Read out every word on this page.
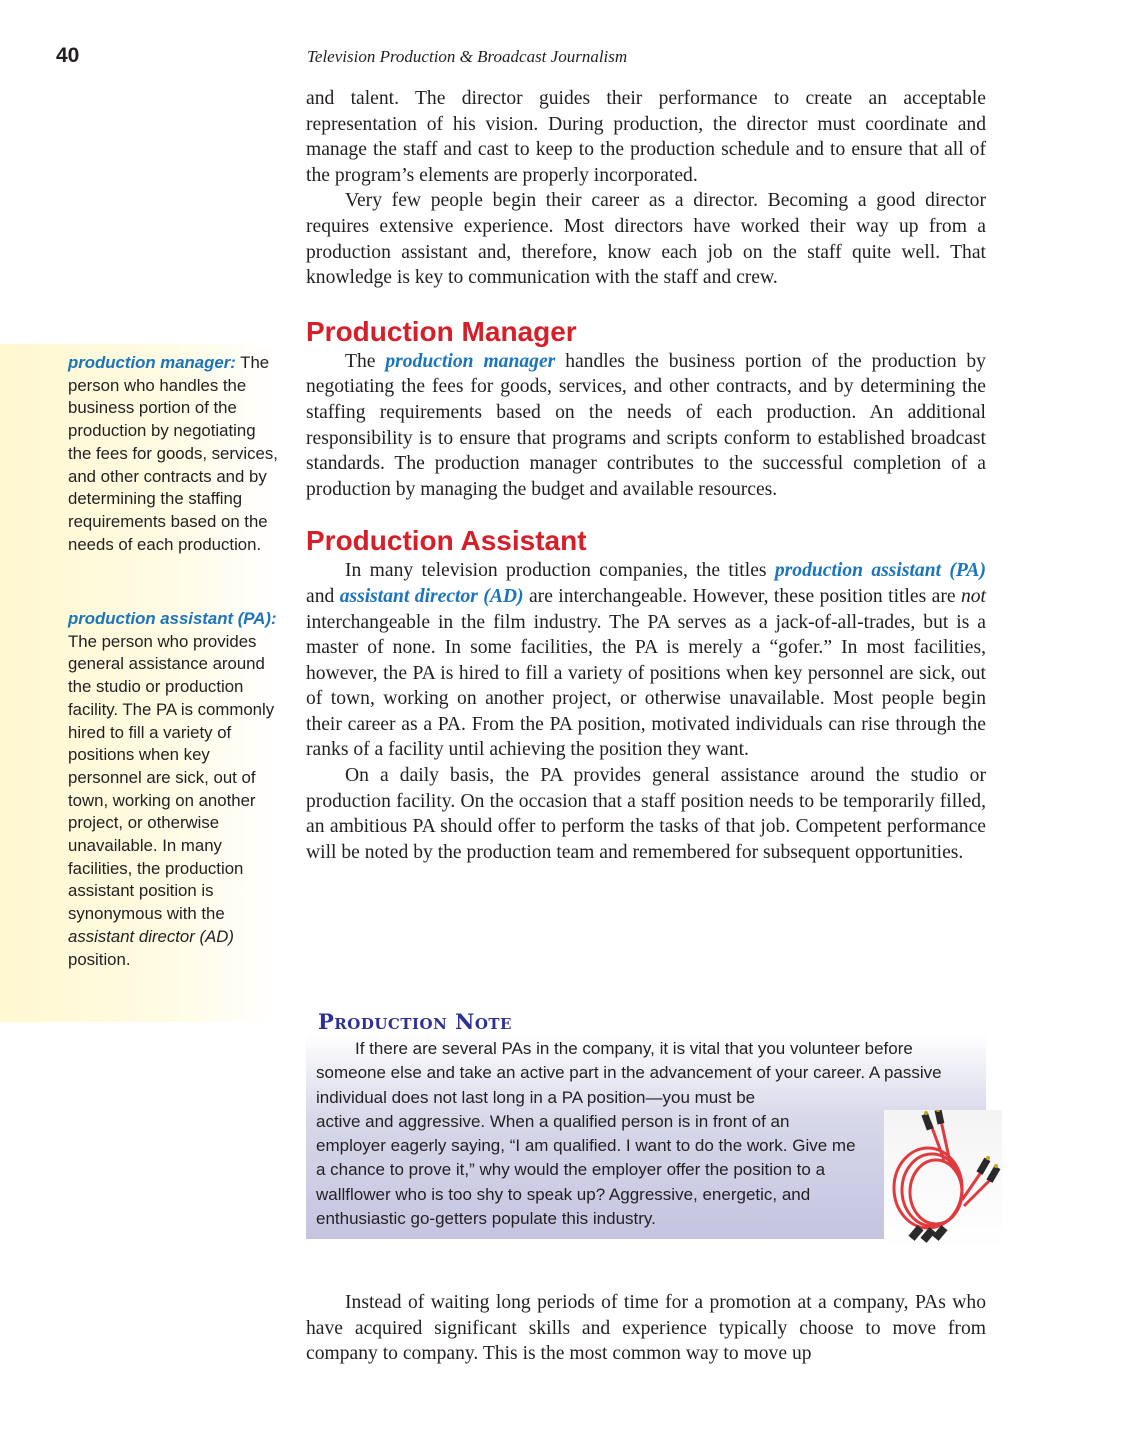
40	Television Production & Broadcast Journalism
production manager: The person who handles the business portion of the production by negotiating the fees for goods, services, and other contracts and by determining the staffing requirements based on the needs of each production.
production assistant (PA): The person who provides general assistance around the studio or production facility. The PA is commonly hired to fill a variety of positions when key personnel are sick, out of town, working on another project, or otherwise unavailable. In many facilities, the production assistant position is synonymous with the assistant director (AD) position.

and talent. The director guides their performance to create an acceptable representation of his vision. During production, the director must coordinate and manage the staff and cast to keep to the production schedule and to ensure that all of the program’s elements are properly incorporated.

Very few people begin their career as a director. Becoming a good director requires extensive experience. Most directors have worked their way up from a production assistant and, therefore, know each job on the staff quite well. That knowledge is key to communication with the staff and crew.

Production Manager

The production manager handles the business portion of the production by negotiating the fees for goods, services, and other contracts, and by determining the staffing requirements based on the needs of each production. An additional responsibility is to ensure that programs and scripts conform to established broadcast standards. The production manager contributes to the successful completion of a production by managing the budget and available resources.

Production Assistant

In many television production companies, the titles production assistant (PA) and assistant director (AD) are interchangeable. However, these position titles are not interchangeable in the film industry. The PA serves as a jack-of-all-trades, but is a master of none. In some facilities, the PA is merely a “gofer.” In most facilities, however, the PA is hired to fill a variety of positions when key personnel are sick, out of town, working on another project, or otherwise unavailable. Most people begin their career as a PA. From the PA position, motivated individuals can rise through the ranks of a facility until achieving the position they want.

On a daily basis, the PA provides general assistance around the studio or production facility. On the occasion that a staff position needs to be temporarily filled, an ambitious PA should offer to perform the tasks of that job. Competent performance will be noted by the production team and remembered for subsequent opportunities.

Production Note

If there are several PAs in the company, it is vital that you volunteer before someone else and take an active part in the advancement of your career. A passive individual does not last long in a PA position—you must be

active and aggressive. When a qualified person is in front of an employer eagerly saying, “I am qualified. I want to do the work. Give me a chance to prove it,” why would the employer offer the position to a wallflower who is too shy to speak up? Aggressive, energetic, and enthusiastic go-getters populate this industry.

Instead of waiting long periods of time for a promotion at a company, PAs who have acquired significant skills and experience typically choose to move from company to company. This is the most common way to move up
